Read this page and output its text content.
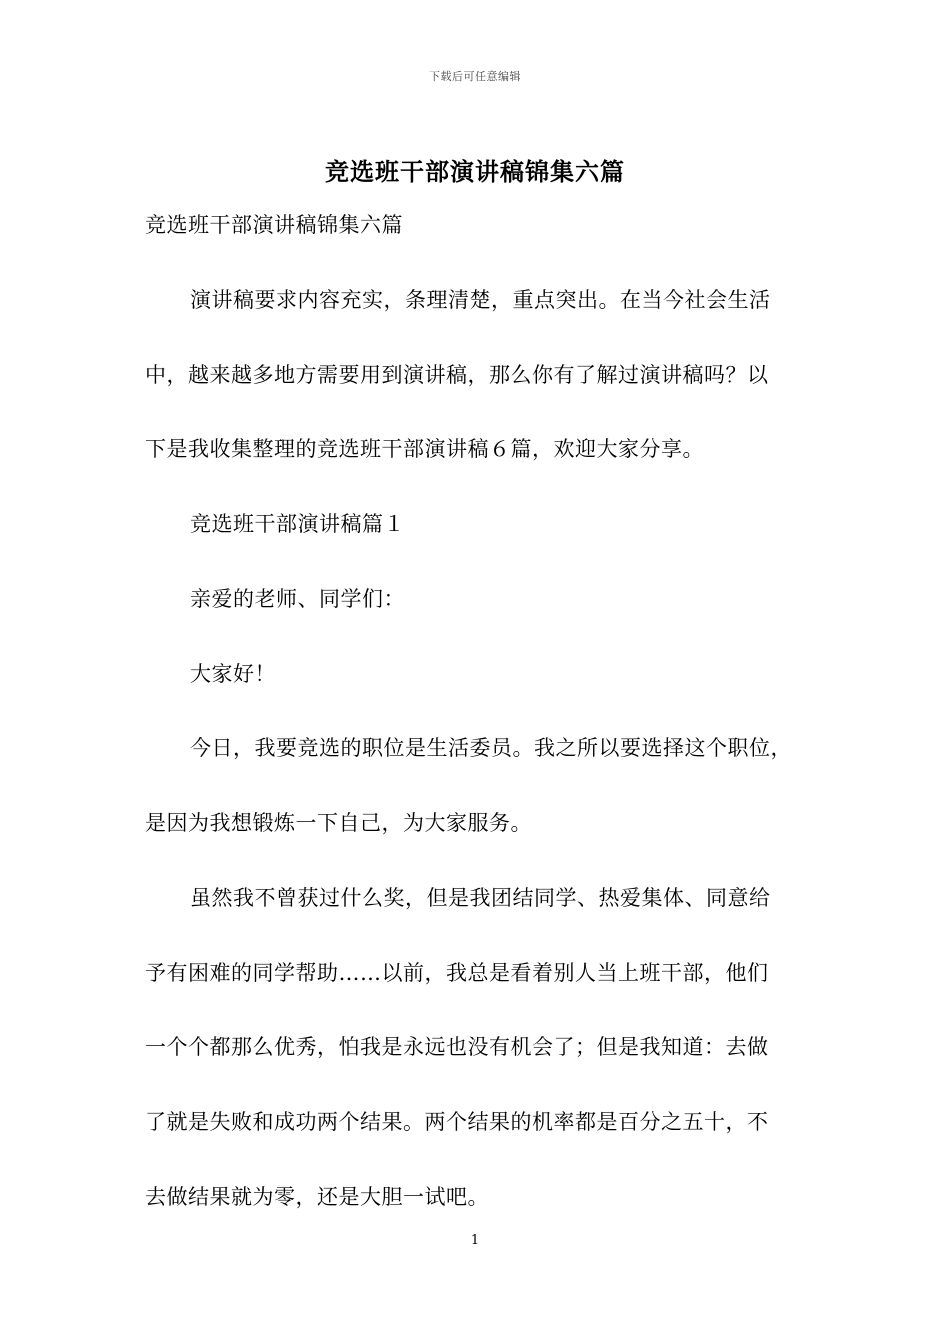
下载后可任意编辑
竞选班干部演讲稿锦集六篇
竞选班干部演讲稿锦集六篇
演讲稿要求内容充实，条理清楚，重点突出。在当今社会生活
中，越来越多地方需要用到演讲稿，那么你有了解过演讲稿吗？以
下是我收集整理的竞选班干部演讲稿６篇，欢迎大家分享。
竞选班干部演讲稿篇１
亲爱的老师、同学们：
大家好！
今日，我要竞选的职位是生活委员。我之所以要选择这个职位，
是因为我想锻炼一下自己，为大家服务。
虽然我不曾获过什么奖，但是我团结同学、热爱集体、同意给
予有困难的同学帮助……以前，我总是看着别人当上班干部，他们
一个个都那么优秀，怕我是永远也没有机会了；但是我知道：去做
了就是失败和成功两个结果。两个结果的机率都是百分之五十，不
去做结果就为零，还是大胆一试吧。
1
